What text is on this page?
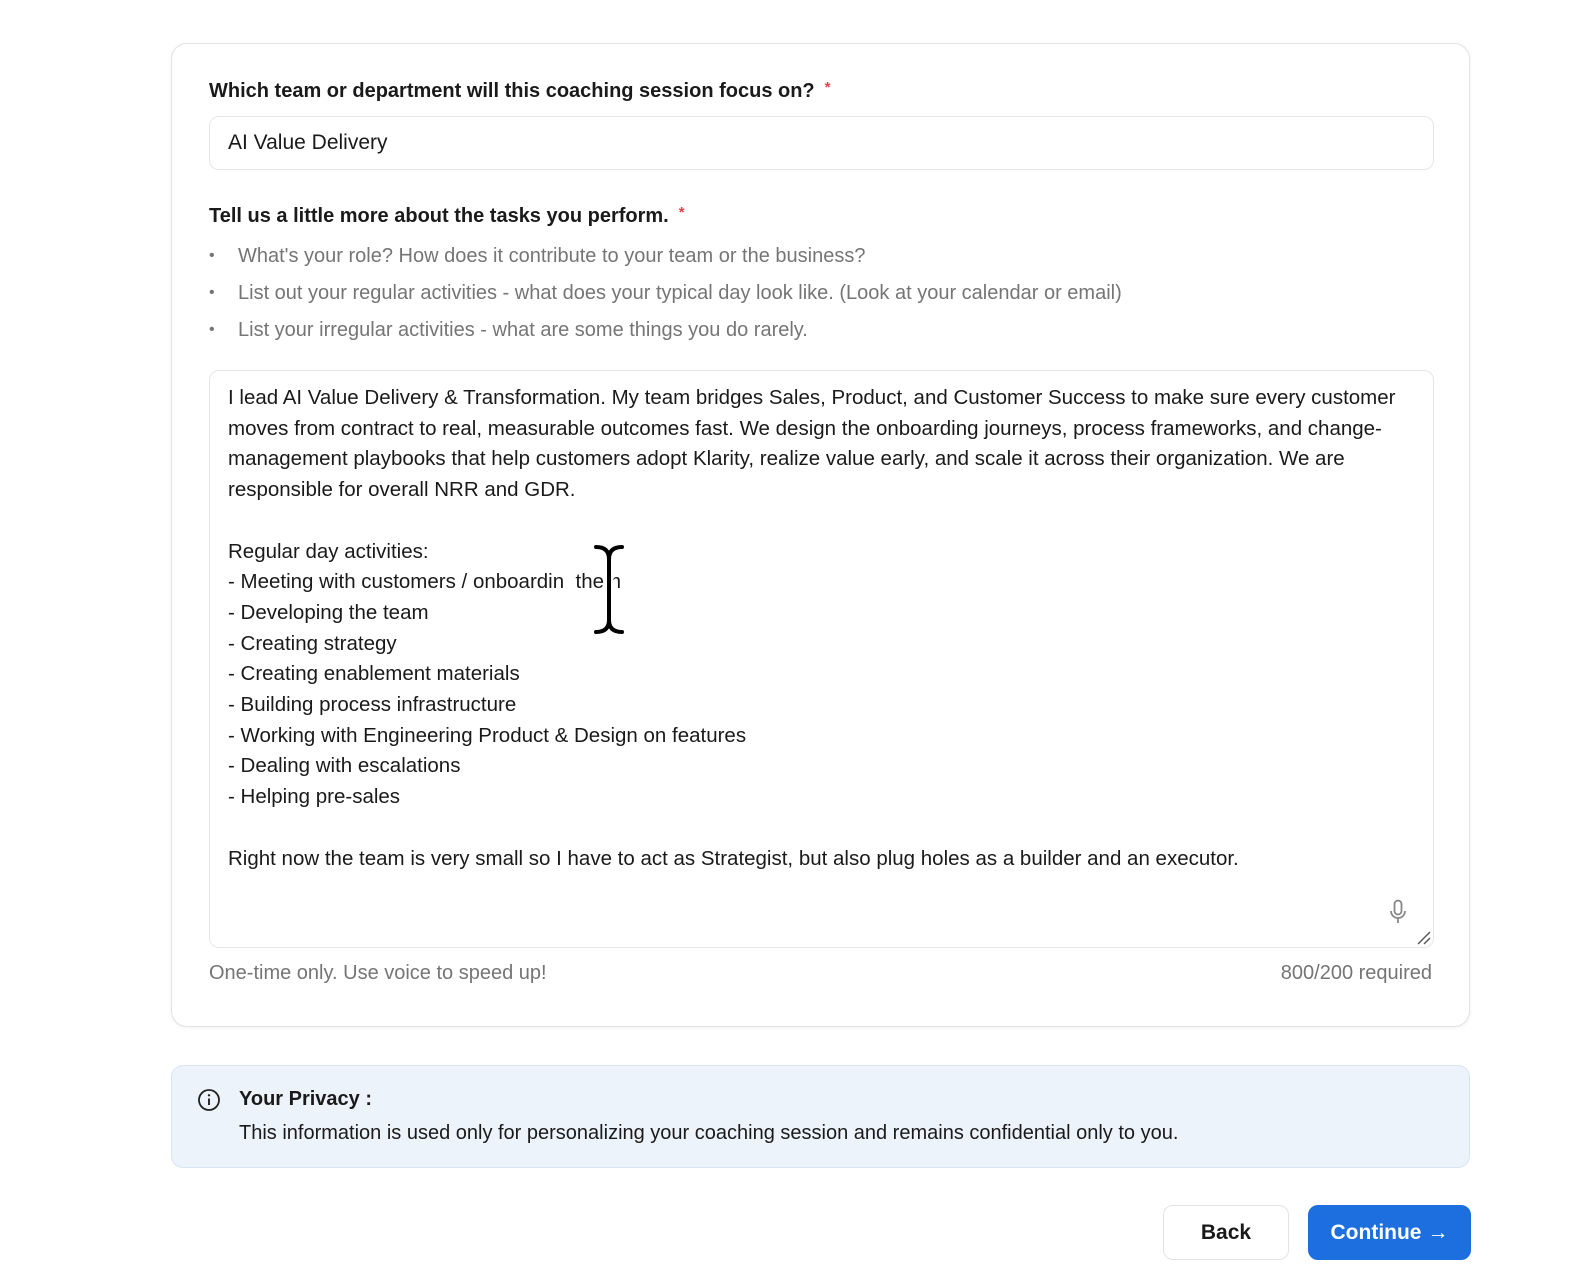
Which team or department will this coaching session focus on? *
AI Value Delivery
Tell us a little more about the tasks you perform. *
• What's your role? How does it contribute to your team or the business?
• List out your regular activities - what does your typical day look like. (Look at your calendar or email)
• List your irregular activities - what are some things you do rarely.
I lead AI Value Delivery & Transformation. My team bridges Sales, Product, and Customer Success to make sure every customer moves from contract to real, measurable outcomes fast. We design the onboarding journeys, process frameworks, and change-management playbooks that help customers adopt Klarity, realize value early, and scale it across their organization. We are responsible for overall NRR and GDR.

Regular day activities:
- Meeting with customers / onboardin  them
- Developing the team
- Creating strategy
- Creating enablement materials
- Building process infrastructure
- Working with Engineering Product & Design on features
- Dealing with escalations
- Helping pre-sales

Right now the team is very small so I have to act as Strategist, but also plug holes as a builder and an executor.
One-time only. Use voice to speed up!	800/200 required
Your Privacy :
This information is used only for personalizing your coaching session and remains confidential only to you.
Back	Continue →
